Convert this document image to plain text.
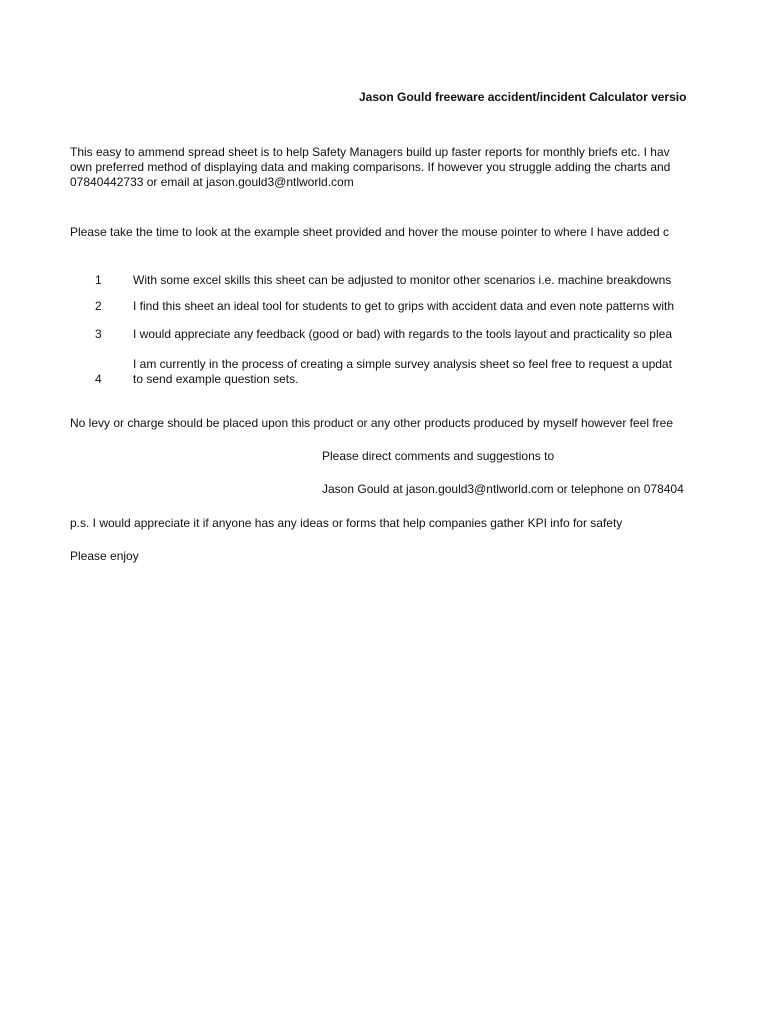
Jason Gould freeware accident/incident Calculator versio
This easy to ammend spread sheet is to help Safety Managers build up faster reports for monthly briefs etc. I hav
own preferred method of displaying data and making comparisons. If however you struggle adding the charts and
07840442733 or email at jason.gould3@ntlworld.com
Please take the time to look at the example sheet provided and hover the mouse pointer to where I have added c
1	With some excel skills this sheet can be adjusted to monitor other scenarios i.e. machine breakdowns
2	I find this sheet an ideal tool for students to get to grips with accident data and even note patterns with
3	I would appreciate any feedback (good or bad) with regards to the tools layout and practicality so plea
4
I am currently in the process of creating a simple survey analysis sheet so feel free to request a updat
to send example question sets.
No levy or charge should be placed upon this product or any other products produced by myself however feel free
Please direct comments and suggestions to
Jason Gould at jason.gould3@ntlworld.com or telephone on 078404
p.s. I would appreciate it if anyone has any ideas or forms that help companies gather KPI info for safety
Please enjoy
